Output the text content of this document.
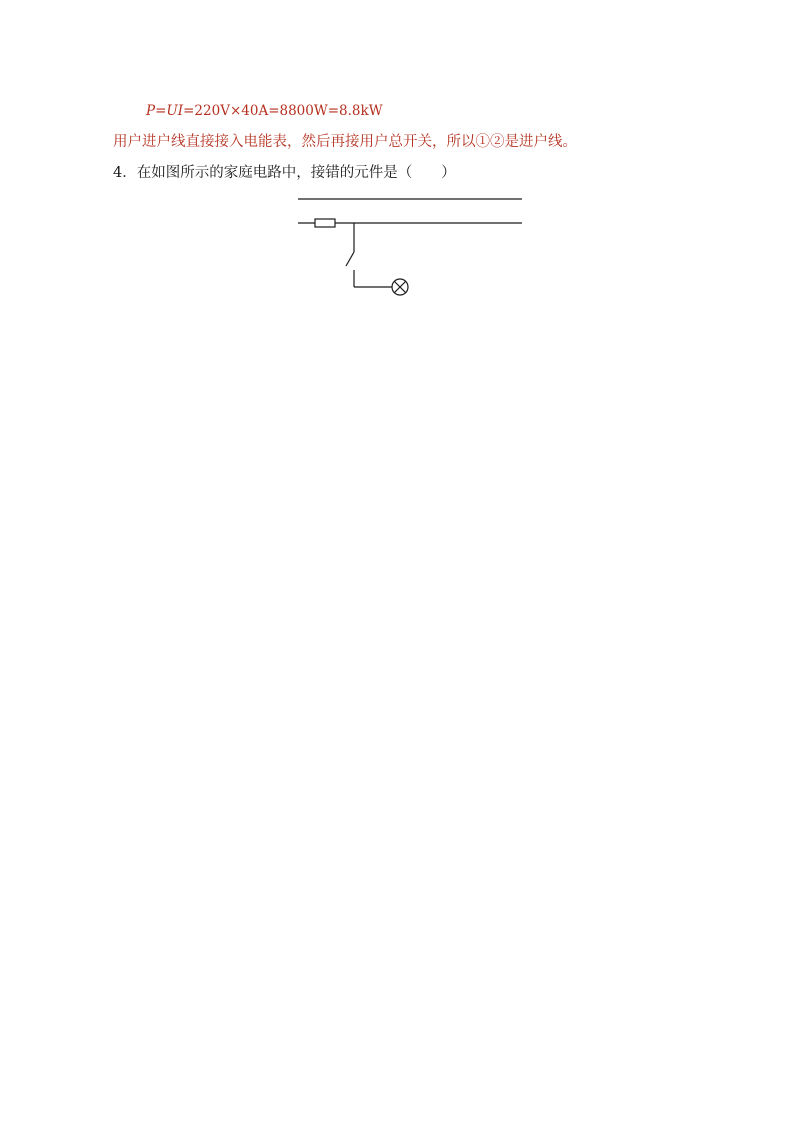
P=UI=220V×40A=8800W=8.8kW
用户进户线直接接入电能表，然后再接用户总开关，所以①②是进户线。
4．在如图所示的家庭电路中，接错的元件是（　　）
